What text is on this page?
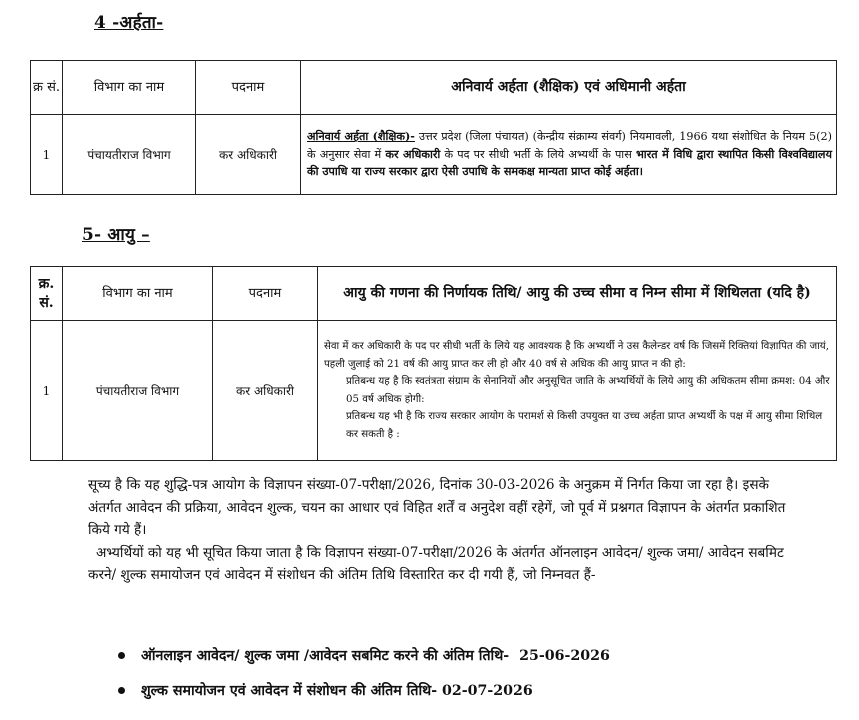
4 -अर्हता-
क्र सं.	विभाग का नाम	पदनाम	अनिवार्य अर्हता (शैक्षिक) एवं अधिमानी अर्हता
1	पंचायतीराज विभाग	कर अधिकारी	अनिवार्य अर्हता (शैक्षिक)- उत्तर प्रदेश (जिला पंचायत) (केन्द्रीय संक्राम्य संवर्ग) नियमावली, 1966 यथा संशोधित के नियम 5(2) के अनुसार सेवा में कर अधिकारी के पद पर सीधी भर्ती के लिये अभ्यर्थी के पास भारत में विधि द्वारा स्थापित किसी विश्वविद्यालय की उपाधि या राज्य सरकार द्वारा ऐसी उपाधि के समकक्ष मान्यता प्राप्त कोई अर्हता।
5- आयु –
क्र. सं.	विभाग का नाम	पदनाम	आयु की गणना की निर्णायक तिथि/ आयु की उच्च सीमा व निम्न सीमा में शिथिलता (यदि है)
1	पंचायतीराज विभाग	कर अधिकारी	सेवा में कर अधिकारी के पद पर सीधी भर्ती के लिये यह आवश्यक है कि अभ्यर्थी ने उस कैलेन्डर वर्ष कि जिसमें रिक्तियां विज्ञापित की जायं, पहली जुलाई को 21 वर्ष की आयु प्राप्त कर ली हो और 40 वर्ष से अधिक की आयु प्राप्त न की हो:
प्रतिबन्ध यह है कि स्वतंत्रता संग्राम के सेनानियों और अनुसूचित जाति के अभ्यर्थियों के लिये आयु की अधिकतम सीमा क्रमश: 04 और 05 वर्ष अधिक होगी:
प्रतिबन्ध यह भी है कि राज्य सरकार आयोग के परामर्श से किसी उपयुक्त या उच्च अर्हता प्राप्त अभ्यर्थी के पक्ष में आयु सीमा शिथिल कर सकती है :

सूच्य है कि यह शुद्धि-पत्र आयोग के विज्ञापन संख्या-07-परीक्षा/2026, दिनांक 30-03-2026 के अनुक्रम में निर्गत किया जा रहा है। इसके अंतर्गत आवेदन की प्रक्रिया, आवेदन शुल्क, चयन का आधार एवं विहित शर्तें व अनुदेश वहीं रहेगें, जो पूर्व में प्रश्नगत विज्ञापन के अंतर्गत प्रकाशित किये गये हैं।

अभ्यर्थियों को यह भी सूचित किया जाता है कि विज्ञापन संख्या-07-परीक्षा/2026 के अंतर्गत ऑनलाइन आवेदन/ शुल्क जमा/ आवेदन सबमिट करने/ शुल्क समायोजन एवं आवेदन में संशोधन की अंतिम तिथि विस्तारित कर दी गयी हैं, जो निम्नवत हैं-

ऑनलाइन आवेदन/ शुल्क जमा /आवेदन सबमिट करने की अंतिम तिथि- 25-06-2026
शुल्क समायोजन एवं आवेदन में संशोधन की अंतिम तिथि- 02-07-2026
